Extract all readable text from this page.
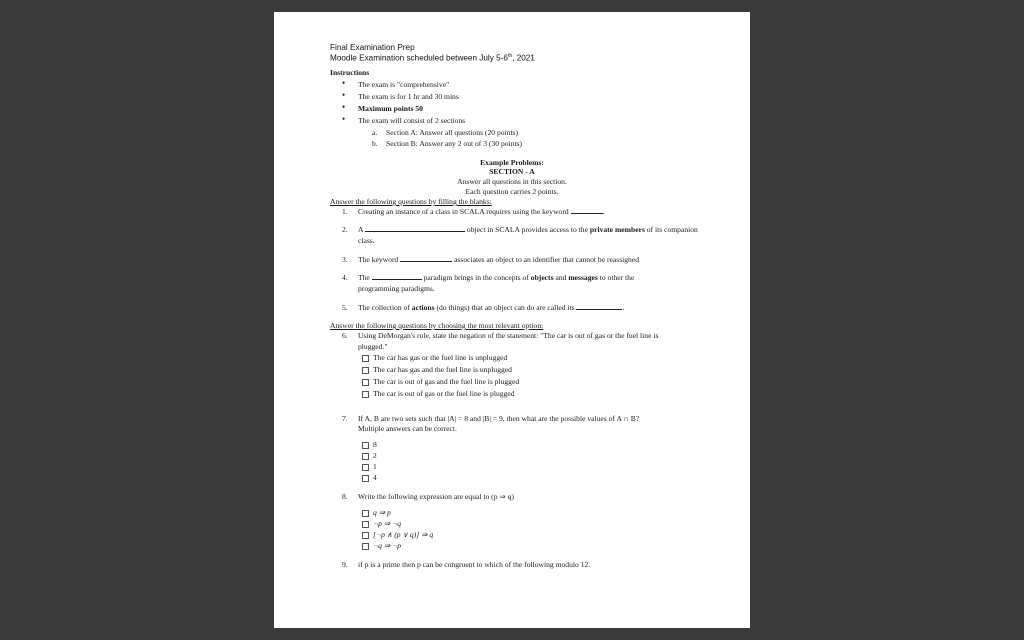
Final Examination Prep
Moodle Examination scheduled between July 5-6th, 2021
Instructions
• The exam is "comprehensive"
• The exam is for 1 hr and 30 mins
• Maximum points 50
• The exam will consist of 2 sections
a. Section A: Answer all questions (20 points)
b. Section B: Answer any 2 out of 3 (30 points)
Example Problems:
SECTION - A
Answer all questions in this section.
Each question carries 2 points.
Answer the following questions by filling the blanks:
1. Creating an instance of a class in SCALA requires using the keyword	.
2. A	object in SCALA provides access to the private members of its companion
class.
3. The keyword	associates an object to an identifier that cannot be reassigned
4. The	paradigm brings in the concepts of objects and messages to other the
programming paradigms.
5. The collection of actions (do things) that an object can do are called its	.
Answer the following questions by choosing the most relevant option:
6. Using DeMorgan's rule, state the negation of the statement: "The car is out of gas or the fuel line is
plugged."
The car has gas or the fuel line is unplugged
The car has gas and the fuel line is unplugged
The car is out of gas and the fuel line is plugged
The car is out of gas or the fuel line is plugged
7. If A, B are two sets such that |A| = 8 and |B| = 9, then what are the possible values of A ∩ B?
Multiple answers can be correct.
8
2
1
4
8. Write the following expression are equal to (p ⇒ q)
q ⇒ p
¬p ⇒ ¬q
[¬p ∧ (p ∨ q)] ⇒ q
¬q ⇒ ¬p
9. if p is a prime then p can be congruent to which of the following modulo 12.
